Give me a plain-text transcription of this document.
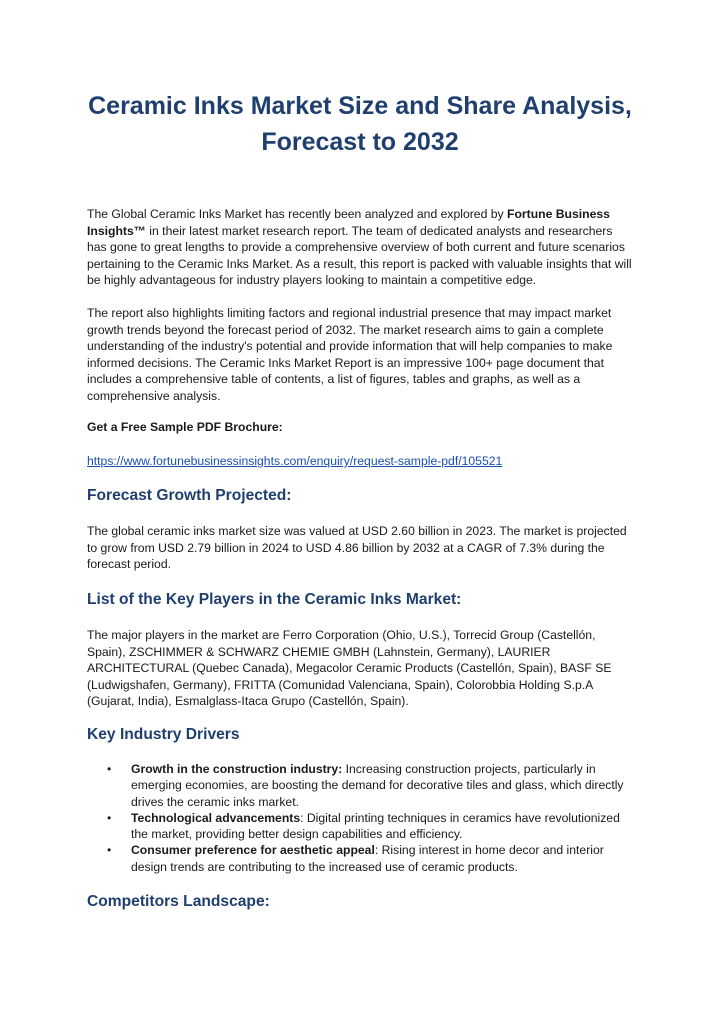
Ceramic Inks Market Size and Share Analysis,
Forecast to 2032

The Global Ceramic Inks Market has recently been analyzed and explored by Fortune Business Insights™ in their latest market research report. The team of dedicated analysts and researchers has gone to great lengths to provide a comprehensive overview of both current and future scenarios pertaining to the Ceramic Inks Market. As a result, this report is packed with valuable insights that will be highly advantageous for industry players looking to maintain a competitive edge.

The report also highlights limiting factors and regional industrial presence that may impact market growth trends beyond the forecast period of 2032. The market research aims to gain a complete understanding of the industry's potential and provide information that will help companies to make informed decisions. The Ceramic Inks Market Report is an impressive 100+ page document that includes a comprehensive table of contents, a list of figures, tables and graphs, as well as a comprehensive analysis.

Get a Free Sample PDF Brochure:

https://www.fortunebusinessinsights.com/enquiry/request-sample-pdf/105521
Forecast Growth Projected:

The global ceramic inks market size was valued at USD 2.60 billion in 2023. The market is projected to grow from USD 2.79 billion in 2024 to USD 4.86 billion by 2032 at a CAGR of 7.3% during the forecast period.

List of the Key Players in the Ceramic Inks Market:

The major players in the market are Ferro Corporation (Ohio, U.S.), Torrecid Group (Castellón, Spain), ZSCHIMMER & SCHWARZ CHEMIE GMBH (Lahnstein, Germany), LAURIER ARCHITECTURAL (Quebec Canada), Megacolor Ceramic Products (Castellón, Spain), BASF SE (Ludwigshafen, Germany), FRITTA (Comunidad Valenciana, Spain), Colorobbia Holding S.p.A (Gujarat, India), Esmalglass-Itaca Grupo (Castellón, Spain).

Key Industry Drivers
• Growth in the construction industry: Increasing construction projects, particularly in emerging economies, are boosting the demand for decorative tiles and glass, which directly drives the ceramic inks market.
• Technological advancements: Digital printing techniques in ceramics have revolutionized the market, providing better design capabilities and efficiency.
• Consumer preference for aesthetic appeal: Rising interest in home decor and interior design trends are contributing to the increased use of ceramic products.
Competitors Landscape:
